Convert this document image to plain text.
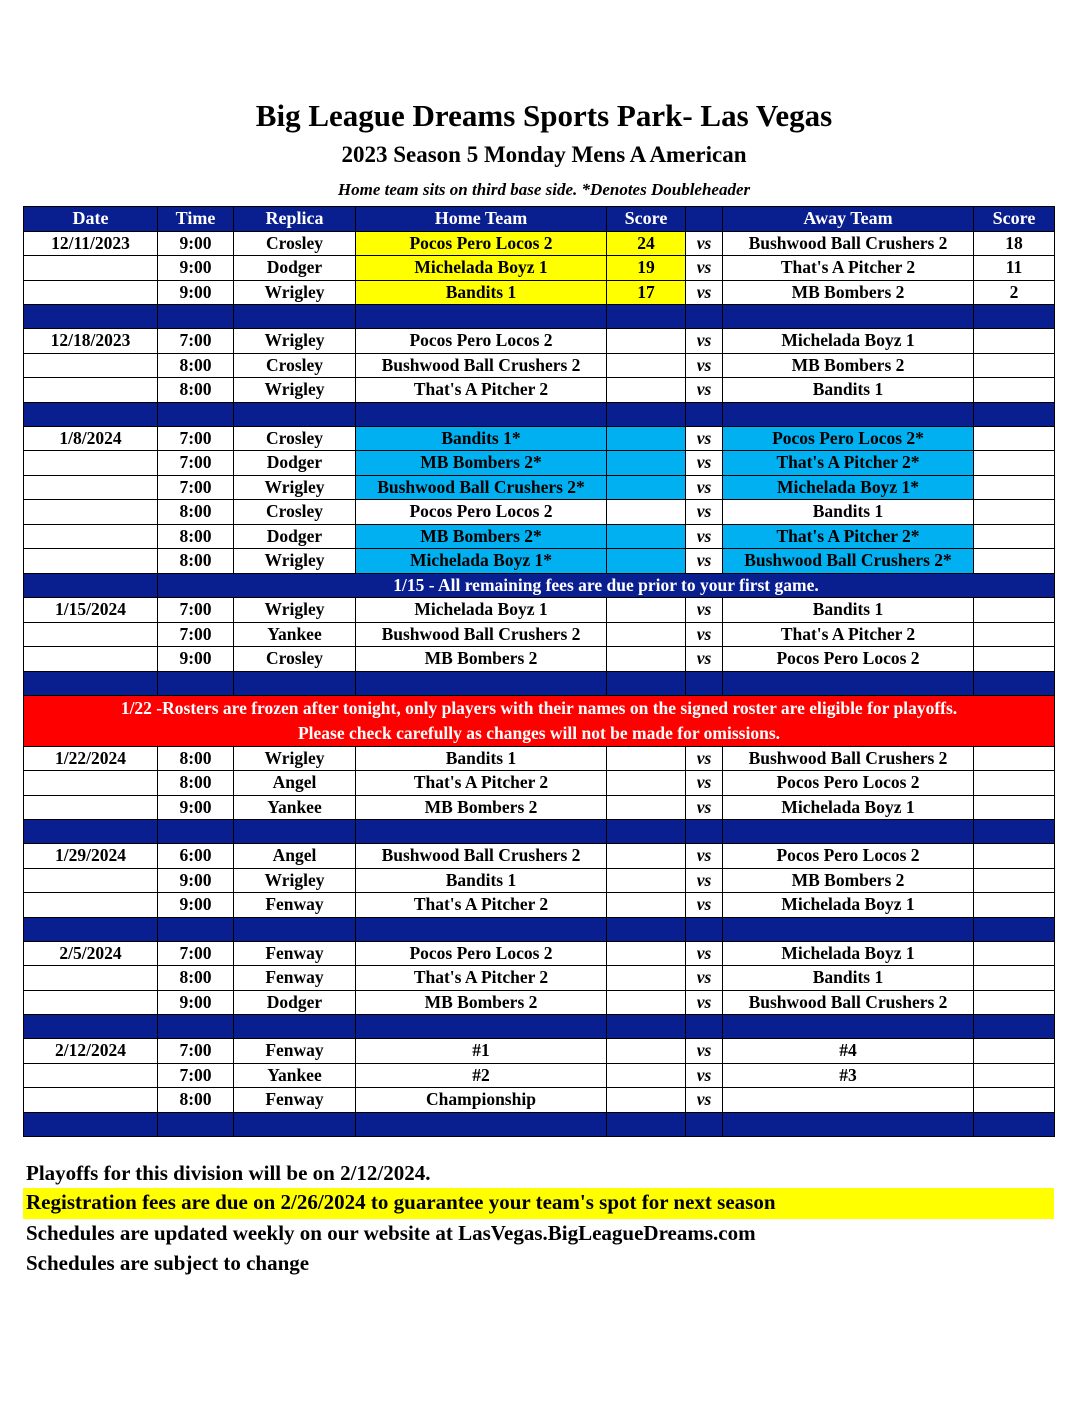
Big League Dreams Sports Park- Las Vegas
2023 Season 5 Monday Mens A American
Home team sits on third base side. *Denotes Doubleheader
Date	Time	Replica	Home Team	Score		Away Team	Score
12/11/2023	9:00	Crosley	Pocos Pero Locos 2	24	vs	Bushwood Ball Crushers 2	18
	9:00	Dodger	Michelada Boyz 1	19	vs	That's A Pitcher 2	11
	9:00	Wrigley	Bandits 1	17	vs	MB Bombers 2	2

12/18/2023	7:00	Wrigley	Pocos Pero Locos 2		vs	Michelada Boyz 1	
	8:00	Crosley	Bushwood Ball Crushers 2		vs	MB Bombers 2	
	8:00	Wrigley	That's A Pitcher 2		vs	Bandits 1	

1/8/2024	7:00	Crosley	Bandits 1*		vs	Pocos Pero Locos 2*	
	7:00	Dodger	MB Bombers 2*		vs	That's A Pitcher 2*	
	7:00	Wrigley	Bushwood Ball Crushers 2*		vs	Michelada Boyz 1*	
	8:00	Crosley	Pocos Pero Locos 2		vs	Bandits 1	
	8:00	Dodger	MB Bombers 2*		vs	That's A Pitcher 2*	
	8:00	Wrigley	Michelada Boyz 1*		vs	Bushwood Ball Crushers 2*	
	1/15 - All remaining fees are due prior to your first game.						
1/15/2024	7:00	Wrigley	Michelada Boyz 1		vs	Bandits 1	
	7:00	Yankee	Bushwood Ball Crushers 2		vs	That's A Pitcher 2	
	9:00	Crosley	MB Bombers 2		vs	Pocos Pero Locos 2	

1/22 -Rosters are frozen after tonight, only players with their names on the signed roster are eligible for playoffs.
Please check carefully as changes will not be made for omissions.							

1/22/2024	8:00	Wrigley	Bandits 1		vs	Bushwood Ball Crushers 2	
	8:00	Angel	That's A Pitcher 2		vs	Pocos Pero Locos 2	
	9:00	Yankee	MB Bombers 2		vs	Michelada Boyz 1	

1/29/2024	6:00	Angel	Bushwood Ball Crushers 2		vs	Pocos Pero Locos 2	
	9:00	Wrigley	Bandits 1		vs	MB Bombers 2	
	9:00	Fenway	That's A Pitcher 2		vs	Michelada Boyz 1	

2/5/2024	7:00	Fenway	Pocos Pero Locos 2		vs	Michelada Boyz 1	
	8:00	Fenway	That's A Pitcher 2		vs	Bandits 1	
	9:00	Dodger	MB Bombers 2		vs	Bushwood Ball Crushers 2	

2/12/2024	7:00	Fenway	#1		vs	#4	
	7:00	Yankee	#2		vs	#3	
	8:00	Fenway	Championship		vs		

Playoffs for this division will be on 2/12/2024.
Registration fees are due on 2/26/2024 to guarantee your team's spot for next season
Schedules are updated weekly on our website at LasVegas.BigLeagueDreams.com
Schedules are subject to change
